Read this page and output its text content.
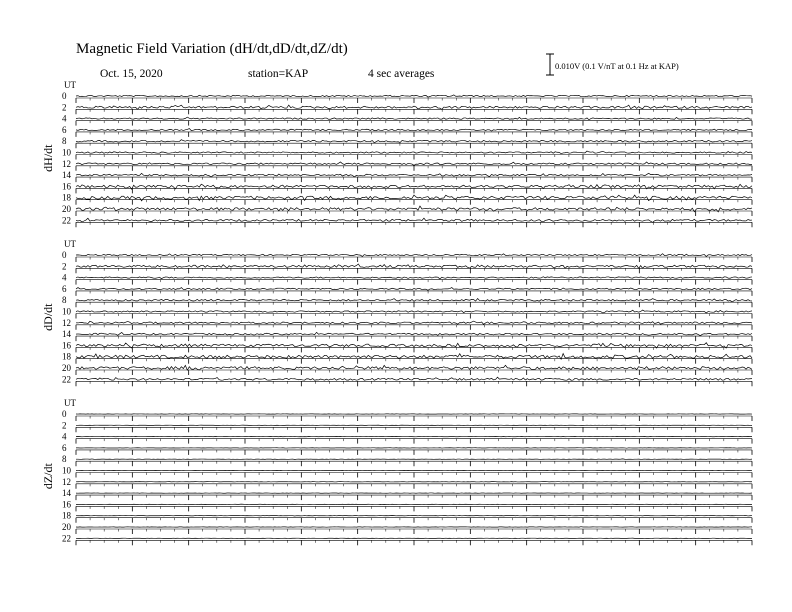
Magnetic Field Variation (dH/dt,dD/dt,dZ/dt)
Oct. 15, 2020	station=KAP	4 sec averages
0.010V (0.1 V/nT at 0.1 Hz at KAP)
UT
dH/dt
0
2
4
6
8
10
12
14
16
18
20
22
UT
dD/dt
0
2
4
6
8
10
12
14
16
18
20
22
UT
dZ/dt
0
2
4
6
8
10
12
14
16
18
20
22
